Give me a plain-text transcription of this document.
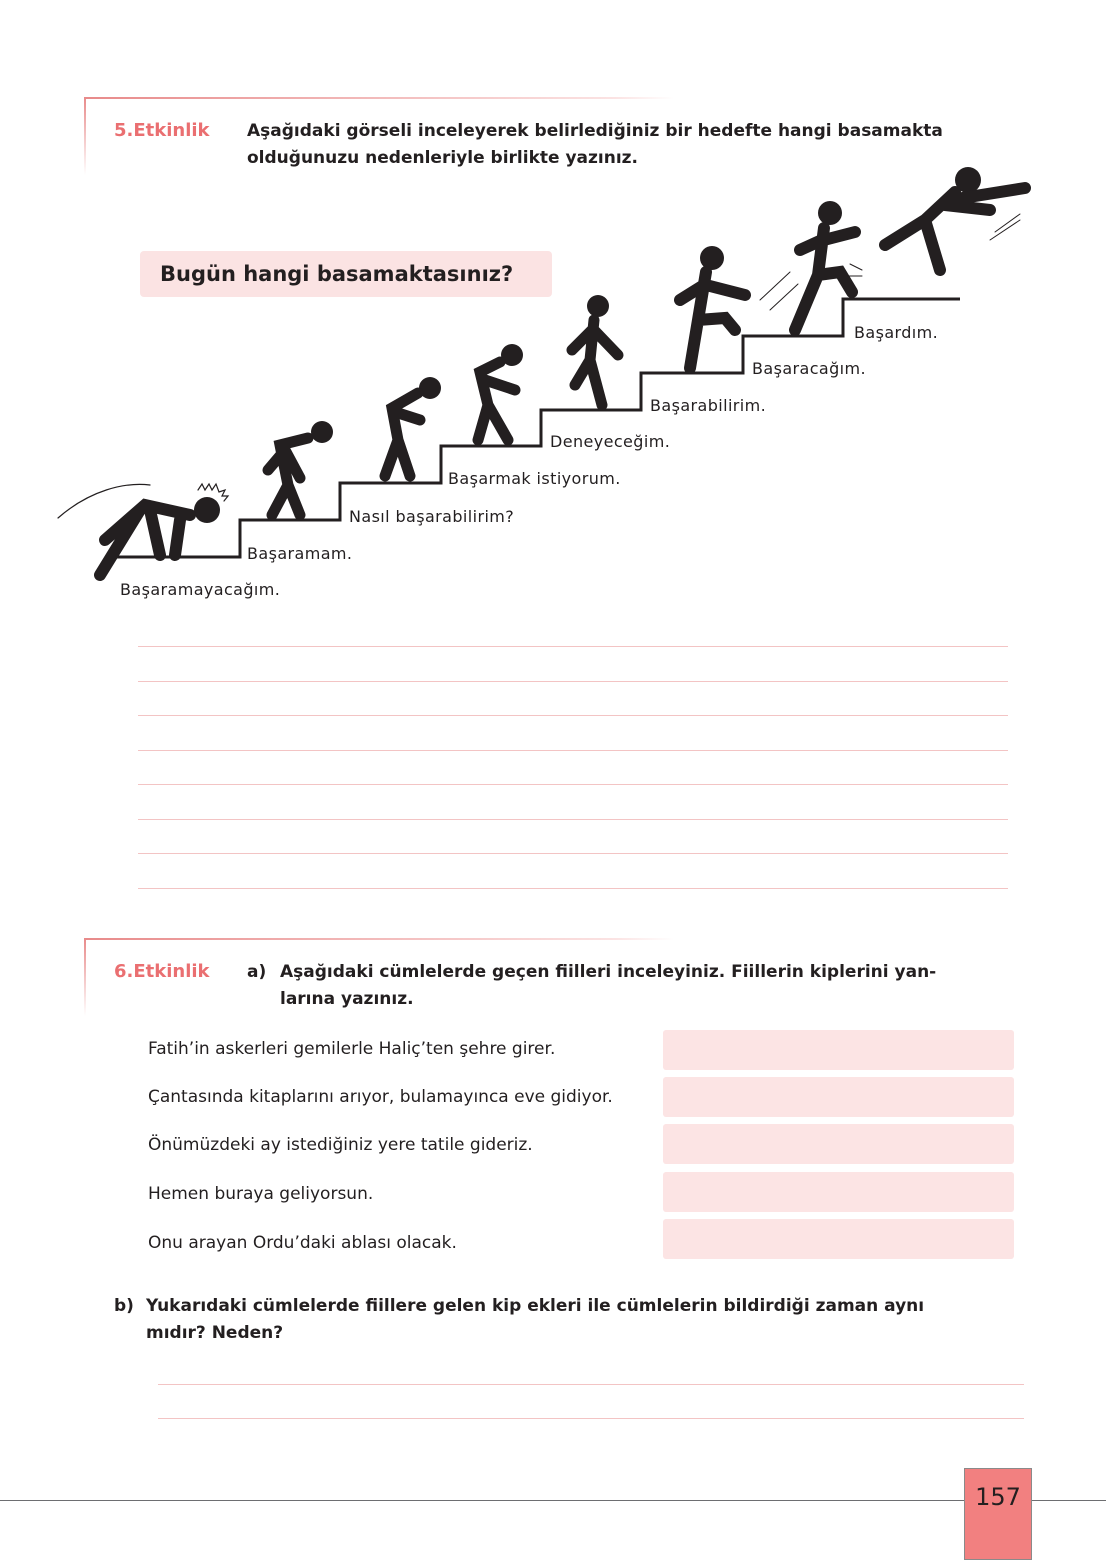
5.Etkinlik Aşağıdaki görseli inceleyerek belirlediğiniz bir hedefte hangi basamakta
olduğunuzu nedenleriyle birlikte yazınız.
Bugün hangi basamaktasınız?
Başaramayacağım.
Başaramam.
Nasıl başarabilirim?
Başarmak istiyorum.
Deneyeceğim.
Başarabilirim.
Başaracağım.
Başardım.
6.Etkinlik a) Aşağıdaki cümlelerde geçen fiilleri inceleyiniz. Fiillerin kiplerini yan-
larına yazınız.
Fatih’in askerleri gemilerle Haliç’ten şehre girer.
Çantasında kitaplarını arıyor, bulamayınca eve gidiyor.
Önümüzdeki ay istediğiniz yere tatile gideriz.
Hemen buraya geliyorsun.
Onu arayan Ordu’daki ablası olacak.
b) Yukarıdaki cümlelerde fiillere gelen kip ekleri ile cümlelerin bildirdiği zaman aynı
mıdır? Neden?
157
